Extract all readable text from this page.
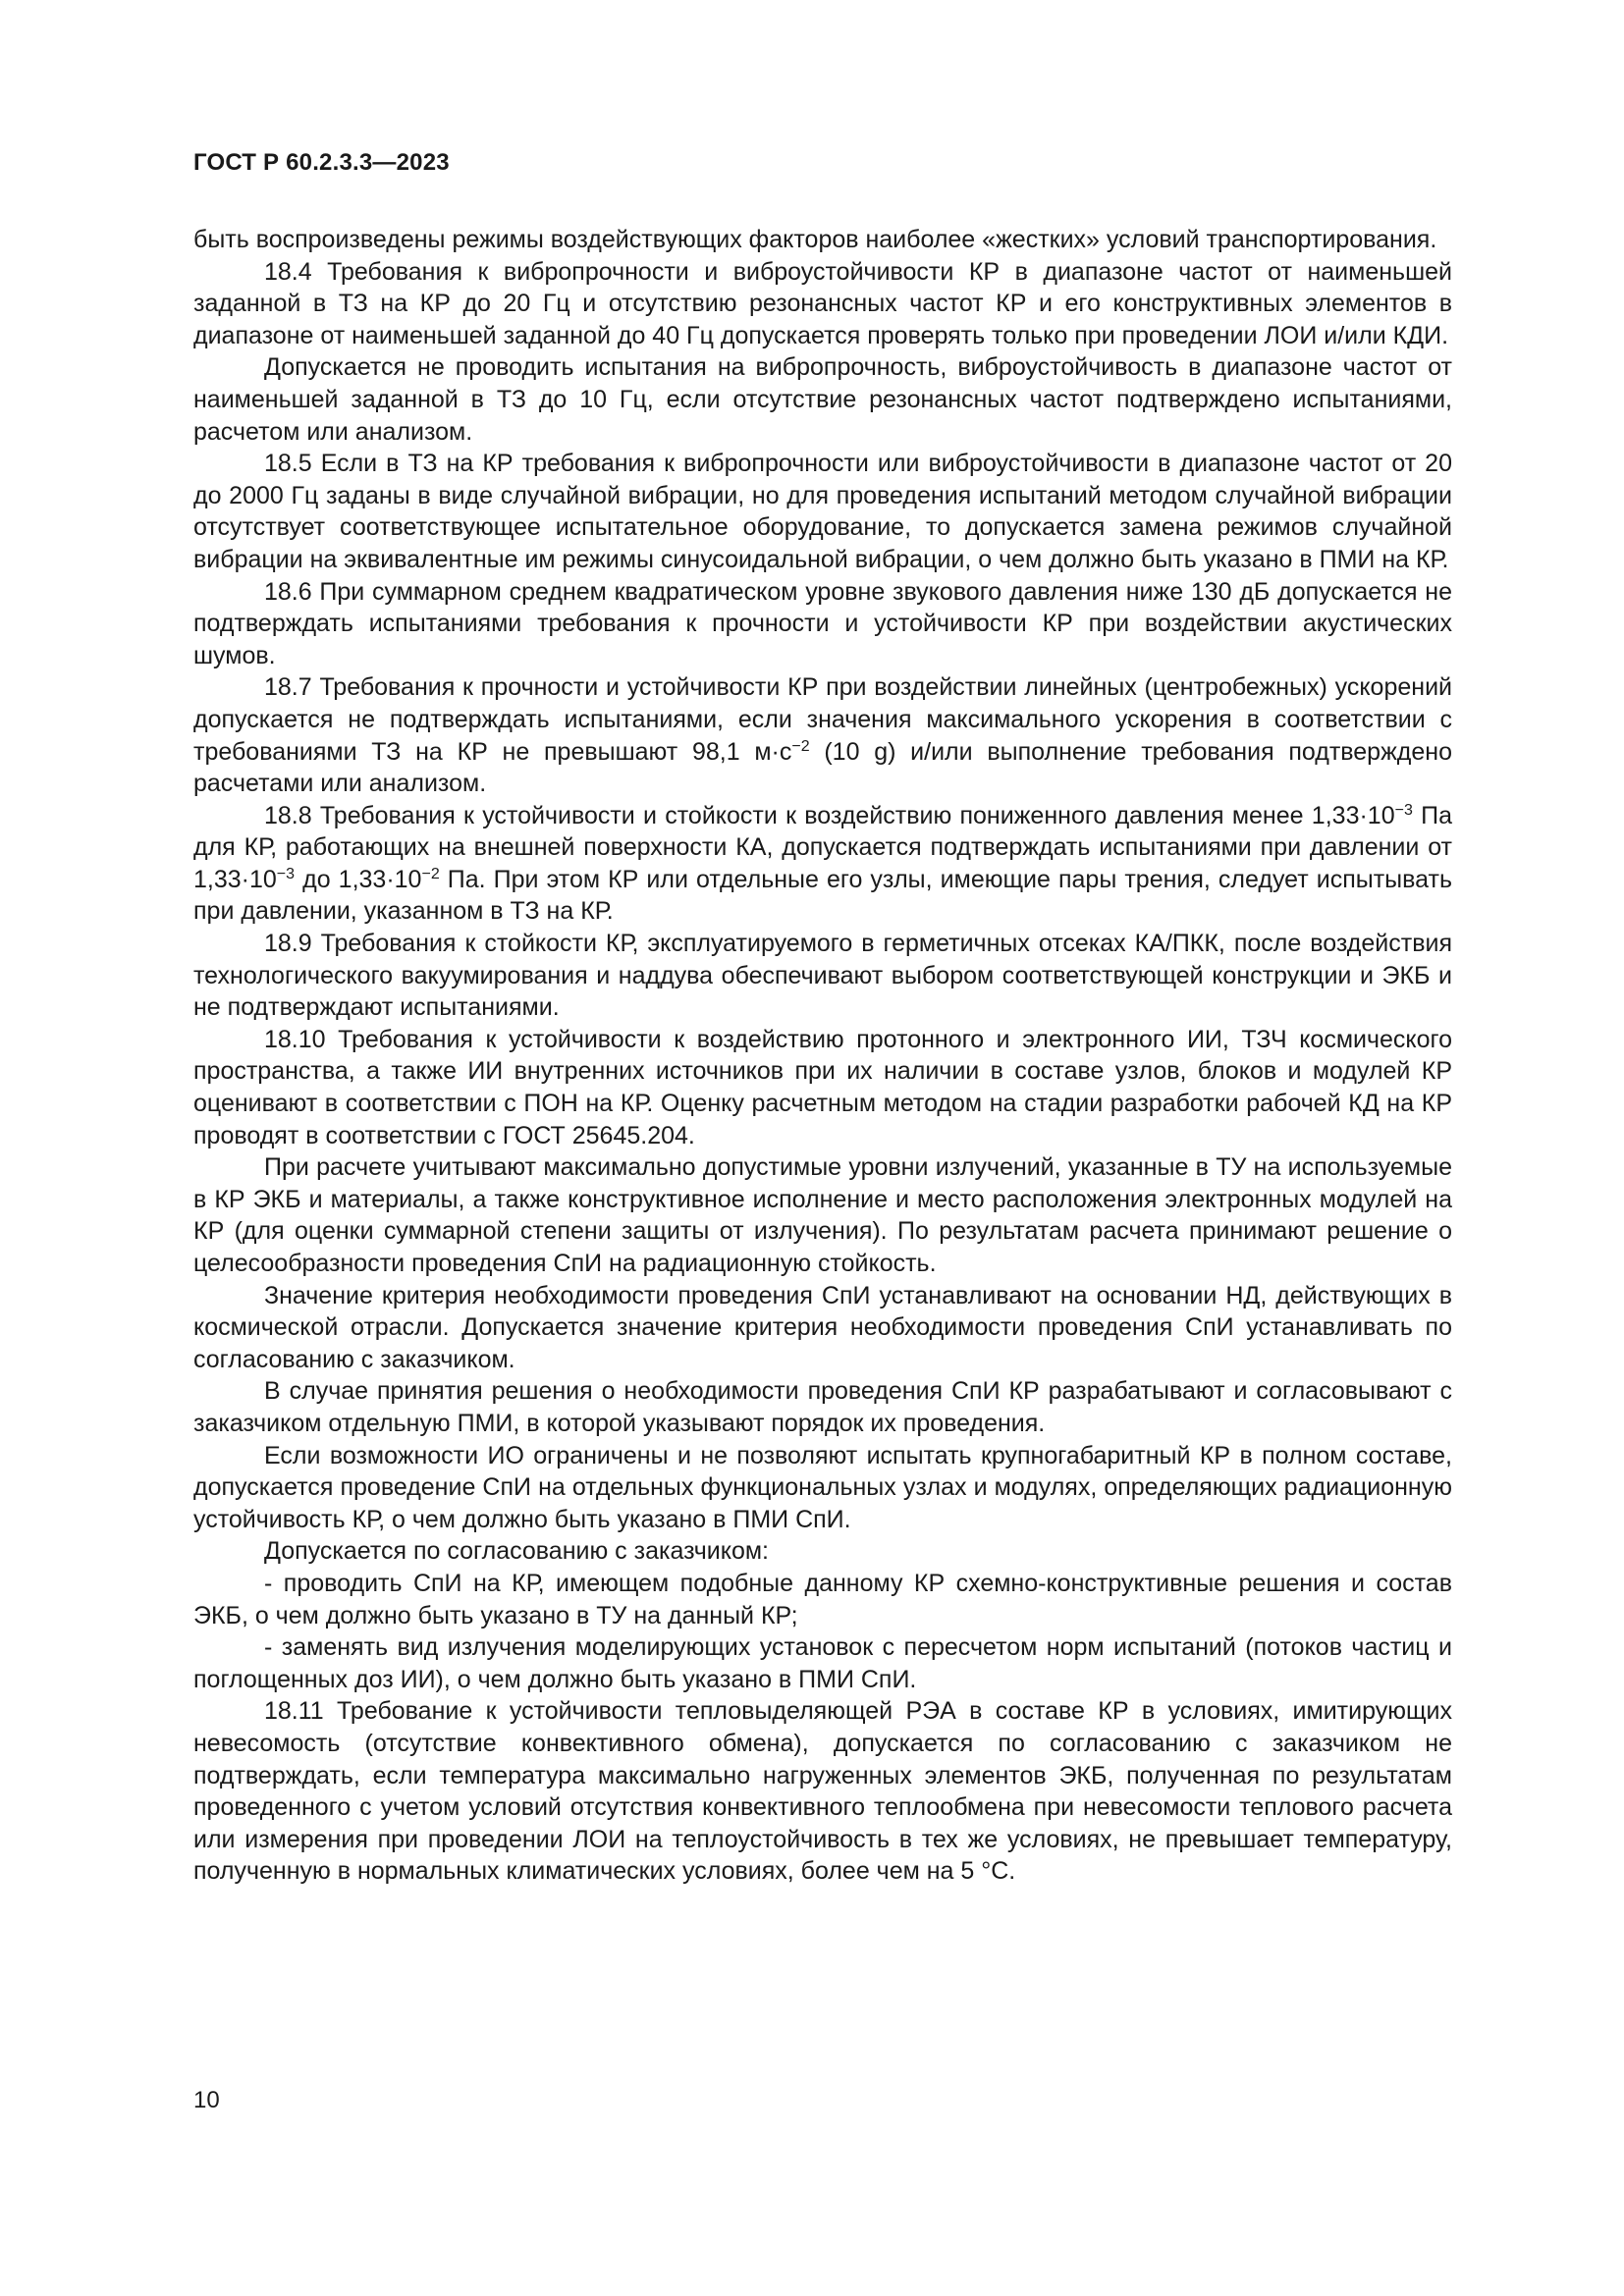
ГОСТ Р 60.2.3.3—2023

быть воспроизведены режимы воздействующих факторов наиболее «жестких» условий транспортирования.

18.4 Требования к вибропрочности и виброустойчивости КР в диапазоне частот от наименьшей заданной в ТЗ на КР до 20 Гц и отсутствию резонансных частот КР и его конструктивных элементов в диапазоне от наименьшей заданной до 40 Гц допускается проверять только при проведении ЛОИ и/или КДИ.

Допускается не проводить испытания на вибропрочность, виброустойчивость в диапазоне частот от наименьшей заданной в ТЗ до 10 Гц, если отсутствие резонансных частот подтверждено испытаниями, расчетом или анализом.

18.5 Если в ТЗ на КР требования к вибропрочности или виброустойчивости в диапазоне частот от 20 до 2000 Гц заданы в виде случайной вибрации, но для проведения испытаний методом случайной вибрации отсутствует соответствующее испытательное оборудование, то допускается замена режимов случайной вибрации на эквивалентные им режимы синусоидальной вибрации, о чем должно быть указано в ПМИ на КР.

18.6 При суммарном среднем квадратическом уровне звукового давления ниже 130 дБ допускается не подтверждать испытаниями требования к прочности и устойчивости КР при воздействии акустических шумов.

18.7 Требования к прочности и устойчивости КР при воздействии линейных (центробежных) ускорений допускается не подтверждать испытаниями, если значения максимального ускорения в соответствии с требованиями ТЗ на КР не превышают 98,1 $м\cdot с^{-2}$ (10 g) и/или выполнение требования подтверждено расчетами или анализом.

18.8 Требования к устойчивости и стойкости к воздействию пониженного давления менее $1,33\cdot 10^{-3}$ Па для КР, работающих на внешней поверхности КА, допускается подтверждать испытаниями при давлении от $1,33\cdot 10^{-3}$ до $1,33\cdot 10^{-2}$ Па. При этом КР или отдельные его узлы, имеющие пары трения, следует испытывать при давлении, указанном в ТЗ на КР.

18.9 Требования к стойкости КР, эксплуатируемого в герметичных отсеках КА/ПКК, после воздействия технологического вакуумирования и наддува обеспечивают выбором соответствующей конструкции и ЭКБ и не подтверждают испытаниями.

18.10 Требования к устойчивости к воздействию протонного и электронного ИИ, ТЗЧ космического пространства, а также ИИ внутренних источников при их наличии в составе узлов, блоков и модулей КР оценивают в соответствии с ПОН на КР. Оценку расчетным методом на стадии разработки рабочей КД на КР проводят в соответствии с ГОСТ 25645.204.

При расчете учитывают максимально допустимые уровни излучений, указанные в ТУ на используемые в КР ЭКБ и материалы, а также конструктивное исполнение и место расположения электронных модулей на КР (для оценки суммарной степени защиты от излучения). По результатам расчета принимают решение о целесообразности проведения СпИ на радиационную стойкость.

Значение критерия необходимости проведения СпИ устанавливают на основании НД, действующих в космической отрасли. Допускается значение критерия необходимости проведения СпИ устанавливать по согласованию с заказчиком.

В случае принятия решения о необходимости проведения СпИ КР разрабатывают и согласовывают с заказчиком отдельную ПМИ, в которой указывают порядок их проведения.

Если возможности ИО ограничены и не позволяют испытать крупногабаритный КР в полном составе, допускается проведение СпИ на отдельных функциональных узлах и модулях, определяющих радиационную устойчивость КР, о чем должно быть указано в ПМИ СпИ.

Допускается по согласованию с заказчиком:

- проводить СпИ на КР, имеющем подобные данному КР схемно-конструктивные решения и состав ЭКБ, о чем должно быть указано в ТУ на данный КР;

- заменять вид излучения моделирующих установок с пересчетом норм испытаний (потоков частиц и поглощенных доз ИИ), о чем должно быть указано в ПМИ СпИ.

18.11 Требование к устойчивости тепловыделяющей РЭА в составе КР в условиях, имитирующих невесомость (отсутствие конвективного обмена), допускается по согласованию с заказчиком не подтверждать, если температура максимально нагруженных элементов ЭКБ, полученная по результатам проведенного с учетом условий отсутствия конвективного теплообмена при невесомости теплового расчета или измерения при проведении ЛОИ на теплоустойчивость в тех же условиях, не превышает температуру, полученную в нормальных климатических условиях, более чем на 5 °С.

10
